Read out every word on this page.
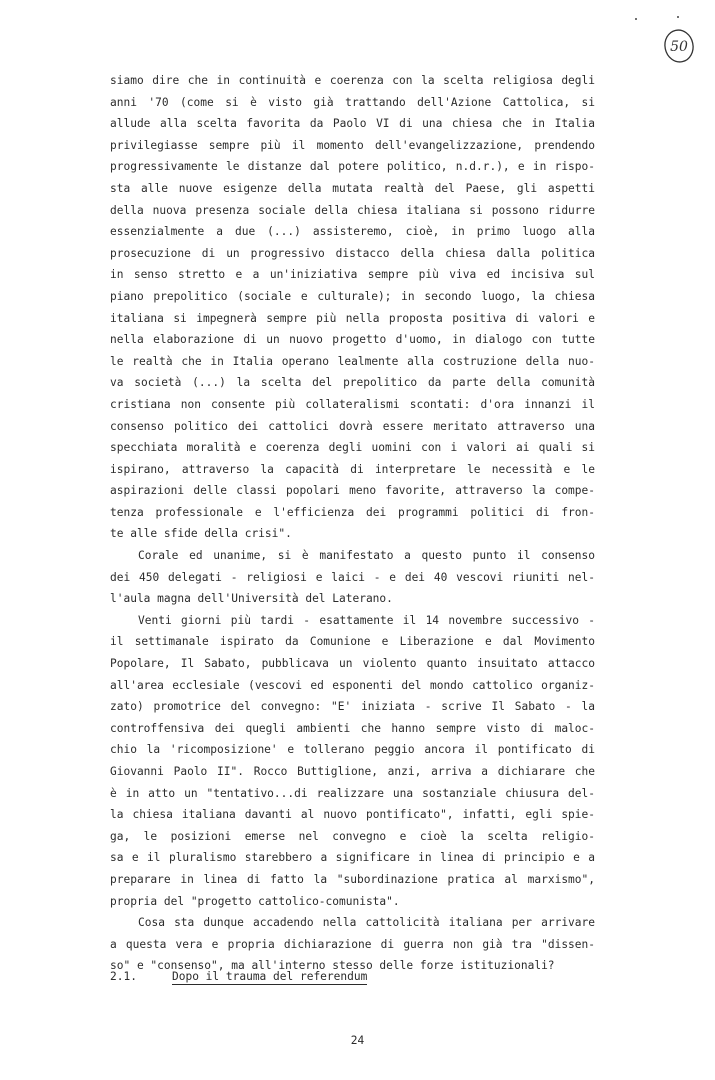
50
siamo dire che in continuità e coerenza con la scelta religiosa degli
anni '70 (come si è visto già trattando dell'Azione Cattolica, si
allude alla scelta favorita da Paolo VI di una chiesa che in Italia
privilegiasse sempre più il momento dell'evangelizzazione, prendendo
progressivamente le distanze dal potere politico, n.d.r.), e in rispo-
sta alle nuove esigenze della mutata realtà del Paese, gli aspetti
della nuova presenza sociale della chiesa italiana si possono ridurre
essenzialmente a due (...) assisteremo, cioè, in primo luogo alla
prosecuzione di un progressivo distacco della chiesa dalla politica
in senso stretto e a un'iniziativa sempre più viva ed incisiva sul
piano prepolitico (sociale e culturale); in secondo luogo, la chiesa
italiana si impegnerà sempre più nella proposta positiva di valori e
nella elaborazione di un nuovo progetto d'uomo, in dialogo con tutte
le realtà che in Italia operano lealmente alla costruzione della nuo-
va società (...) la scelta del prepolitico da parte della comunità
cristiana non consente più collateralismi scontati: d'ora innanzi il
consenso politico dei cattolici dovrà essere meritato attraverso una
specchiata moralità e coerenza degli uomini con i valori ai quali si
ispirano, attraverso la capacità di interpretare le necessità e le
aspirazioni delle classi popolari meno favorite, attraverso la compe-
tenza professionale e l'efficienza dei programmi politici di fron-
te alle sfide della crisi".
Corale ed unanime, si è manifestato a questo punto il consenso
dei 450 delegati - religiosi e laici - e dei 40 vescovi riuniti nel-
l'aula magna dell'Università del Laterano.
Venti giorni più tardi - esattamente il 14 novembre successivo -
il settimanale ispirato da Comunione e Liberazione e dal Movimento
Popolare, Il Sabato, pubblicava un violento quanto insuitato attacco
all'area ecclesiale (vescovi ed esponenti del mondo cattolico organiz-
zato) promotrice del convegno: "E' iniziata - scrive Il Sabato - la
controffensiva dei quegli ambienti che hanno sempre visto di maloc-
chio la 'ricomposizione' e tollerano peggio ancora il pontificato di
Giovanni Paolo II". Rocco Buttiglione, anzi, arriva a dichiarare che
è in atto un "tentativo...di realizzare una sostanziale chiusura del-
la chiesa italiana davanti al nuovo pontificato", infatti, egli spie-
ga, le posizioni emerse nel convegno e cioè la scelta religio-
sa e il pluralismo starebbero a significare in linea di principio e a
preparare in linea di fatto la "subordinazione pratica al marxismo",
propria del "progetto cattolico-comunista".
Cosa sta dunque accadendo nella cattolicità italiana per arrivare
a questa vera e propria dichiarazione di guerra non già tra "dissen-
so" e "consenso", ma all'interno stesso delle forze istituzionali?
2.1.	Dopo il trauma del referendum
24
